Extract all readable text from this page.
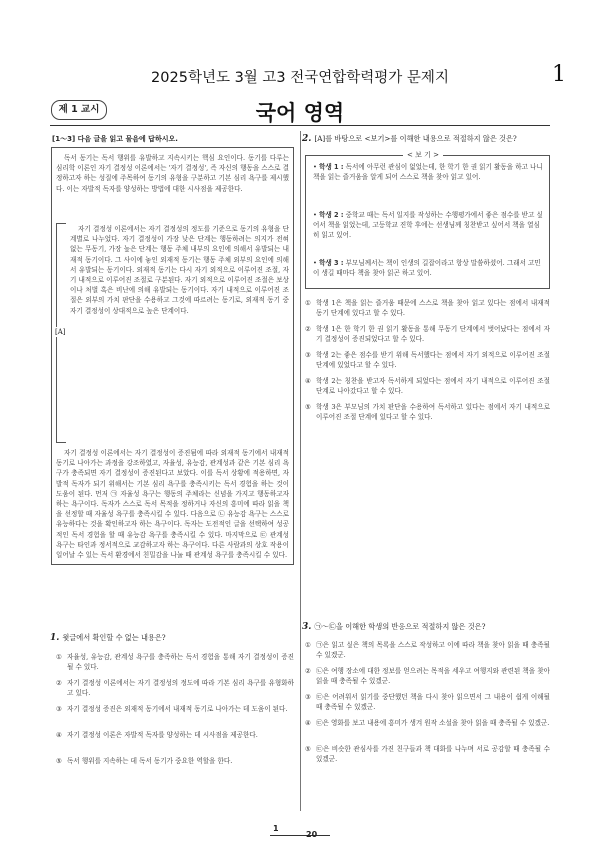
2025학년도 3월 고3 전국연합학력평가 문제지	1
제 1 교시	국어 영역
[1～3] 다음 글을 읽고 물음에 답하시오.
독서 동기는 독서 행위를 유발하고 지속시키는 핵심 요인이다. 동기를 다루는 심리학 이론인 자기 결정성 이론에서는 '자기 결정성', 즉 자신의 행동을 스스로 결정하고자 하는 성질에 주목하여 동기의 유형을 구분하고 기본 심리 욕구를 제시했다. 이는 자발적 독자를 양성하는 방법에 대한 시사점을 제공한다.
[A]
자기 결정성 이론에서는 자기 결정성의 정도를 기준으로 동기의 유형을 단계별로 나누었다. 자기 결정성이 가장 낮은 단계는 행동하려는 의지가 전혀 없는 무동기, 가장 높은 단계는 행동 주체 내부의 요인에 의해서 유발되는 내재적 동기이다. 그 사이에 놓인 외재적 동기는 행동 주체 외부의 요인에 의해서 유발되는 동기이다. 외재적 동기는 다시 자기 외적으로 이루어진 조절, 자기 내적으로 이루어진 조절로 구분된다. 자기 외적으로 이루어진 조절은 보상이나 처벌 혹은 비난에 의해 유발되는 동기이다. 자기 내적으로 이루어진 조절은 외부의 가치 판단을 수용하고 그것에 따르려는 동기로, 외재적 동기 중 자기 결정성이 상대적으로 높은 단계이다.
자기 결정성 이론에서는 자기 결정성이 증진됨에 따라 외재적 동기에서 내재적 동기로 나아가는 과정을 강조하였고, 자율성, 유능감, 관계성과 같은 기본 심리 욕구가 충족되면 자기 결정성이 증진된다고 보았다. 이를 독서 상황에 적용하면, 자발적 독자가 되기 위해서는 기본 심리 욕구를 충족시키는 독서 경험을 하는 것이 도움이 된다. 먼저 ㉠ 자율성 욕구는 행동의 주체라는 신념을 가지고 행동하고자 하는 욕구이다. 독자가 스스로 독서 목적을 정하거나 자신의 흥미에 따라 읽을 책을 선정할 때 자율성 욕구를 충족시킬 수 있다. 다음으로 ㉡ 유능감 욕구는 스스로 유능하다는 것을 확인하고자 하는 욕구이다. 독자는 도전적인 글을 선택하여 성공적인 독서 경험을 할 때 유능감 욕구를 충족시킬 수 있다. 마지막으로 ㉢ 관계성 욕구는 타인과 정서적으로 교감하고자 하는 욕구이다. 다른 사람과의 상호 작용이 일어날 수 있는 독서 환경에서 친밀감을 나눌 때 관계성 욕구를 충족시킬 수 있다.
1. 윗글에서 확인할 수 없는 내용은?
① 자율성, 유능감, 관계성 욕구를 충족하는 독서 경험을 통해 자기 결정성이 증진될 수 있다.
② 자기 결정성 이론에서는 자기 결정성의 정도에 따라 기본 심리 욕구를 유형화하고 있다.
③ 자기 결정성 증진은 외재적 동기에서 내재적 동기로 나아가는 데 도움이 된다.
④ 자기 결정성 이론은 자발적 독자를 양성하는 데 시사점을 제공한다.
⑤ 독서 행위를 지속하는 데 독서 동기가 중요한 역할을 한다.
2. [A]를 바탕으로 <보기>를 이해한 내용으로 적절하지 않은 것은?
< 보 기 >
• 학생 1 : 독서에 아무런 관심이 없었는데, 한 학기 한 권 읽기 활동을 하고 나니 책을 읽는 즐거움을 알게 되어 스스로 책을 찾아 읽고 있어.
• 학생 2 : 중학교 때는 독서 일지를 작성하는 수행평가에서 좋은 점수를 받고 싶어서 책을 읽었는데, 고등학교 진학 후에는 선생님께 칭찬받고 싶어서 책을 열심히 읽고 있어.
• 학생 3 : 부모님께서는 책이 인생의 길잡이라고 항상 말씀하셨어. 그래서 고민이 생길 때마다 책을 찾아 읽곤 하고 있어.
① 학생 1은 책을 읽는 즐거움 때문에 스스로 책을 찾아 읽고 있다는 점에서 내재적 동기 단계에 있다고 할 수 있다.
② 학생 1은 한 학기 한 권 읽기 활동을 통해 무동기 단계에서 벗어났다는 점에서 자기 결정성이 증진되었다고 할 수 있다.
③ 학생 2는 좋은 점수를 받기 위해 독서했다는 점에서 자기 외적으로 이루어진 조절 단계에 있었다고 할 수 있다.
④ 학생 2는 칭찬을 받고자 독서하게 되었다는 점에서 자기 내적으로 이루어진 조절 단계로 나아갔다고 할 수 있다.
⑤ 학생 3은 부모님의 가치 판단을 수용하여 독서하고 있다는 점에서 자기 내적으로 이루어진 조절 단계에 있다고 할 수 있다.
3. ㉠～㉢을 이해한 학생의 반응으로 적절하지 않은 것은?
① ㉠은 읽고 싶은 책의 목록을 스스로 작성하고 이에 따라 책을 찾아 읽을 때 충족될 수 있겠군.
② ㉡은 여행 장소에 대한 정보를 얻으려는 목적을 세우고 여행지와 관련된 책을 찾아 읽을 때 충족될 수 있겠군.
③ ㉢은 어려워서 읽기를 중단했던 책을 다시 찾아 읽으면서 그 내용이 쉽게 이해될 때 충족될 수 있겠군.
④ ㉢은 영화를 보고 내용에 흥미가 생겨 원작 소설을 찾아 읽을 때 충족될 수 있겠군.
⑤ ㉢은 비슷한 관심사를 가진 친구들과 책 대화를 나누며 서로 공감할 때 충족될 수 있겠군.
1
20
